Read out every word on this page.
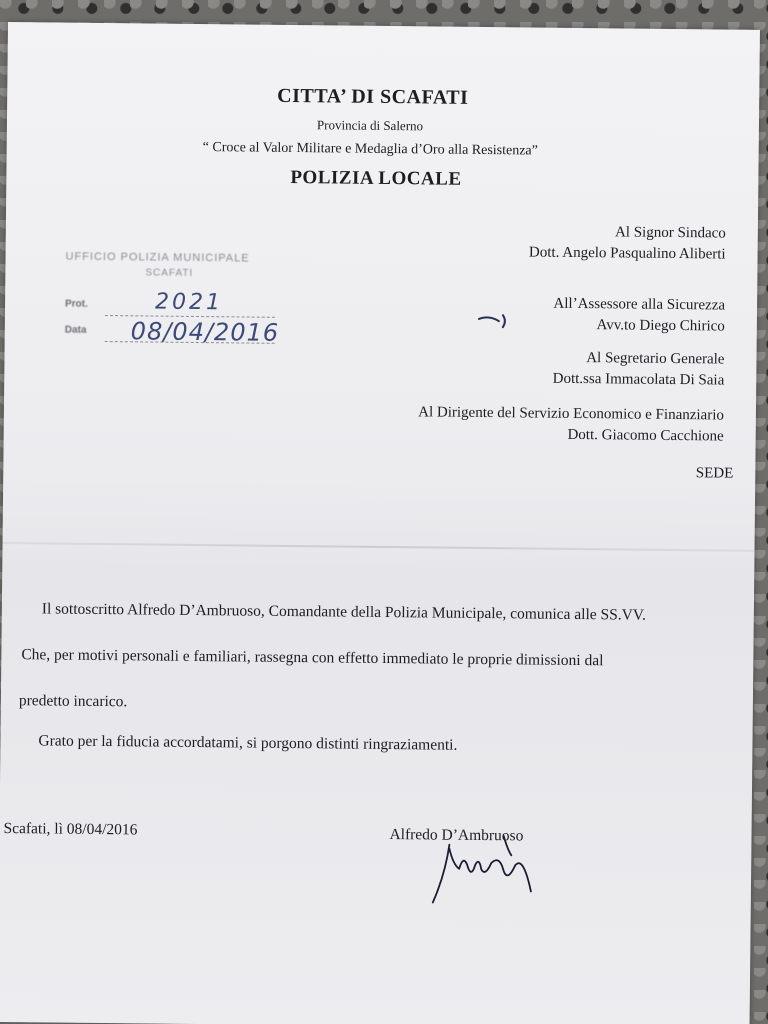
CITTA’ DI SCAFATI

Provincia di Salerno

“ Croce al Valor Militare e Medaglia d’Oro alla Resistenza”

POLIZIA LOCALE

UFFICIO POLIZIA MUNICIPALE
SCAFATI
Prot.
Data
2021
08/04/2016
Al Signor Sindaco
Dott. Angelo Pasqualino Aliberti
All’Assessore alla Sicurezza
Avv.to Diego Chirico
Al Segretario Generale
Dott.ssa Immacolata Di Saia
Al Dirigente del Servizio Economico e Finanziario
Dott. Giacomo Cacchione
SEDE

Il sottoscritto Alfredo D’Ambruoso, Comandante della Polizia Municipale, comunica alle SS.VV.

Che, per motivi personali e familiari, rassegna con effetto immediato le proprie dimissioni dal

predetto incarico.

Grato per la fiducia accordatami, si porgono distinti ringraziamenti.

Scafati, lì 08/04/2016	Alfredo D’Ambruoso
